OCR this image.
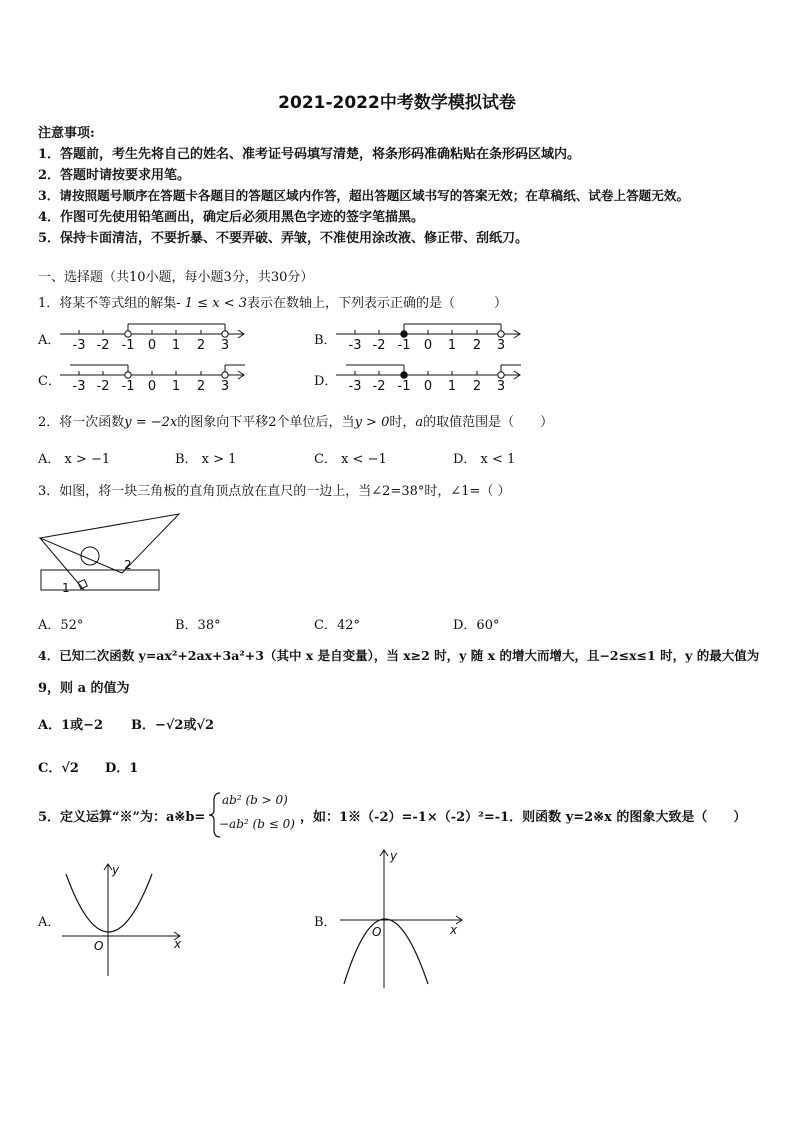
2021-2022中考数学模拟试卷
注意事项:
1．答题前，考生先将自己的姓名、准考证号码填写清楚，将条形码准确粘贴在条形码区域内。
2．答题时请按要求用笔。
3．请按照题号顺序在答题卡各题目的答题区域内作答，超出答题区域书写的答案无效；在草稿纸、试卷上答题无效。
4．作图可先使用铅笔画出，确定后必须用黑色字迹的签字笔描黑。
5．保持卡面清洁，不要折暴、不要弄破、弄皱，不准使用涂改液、修正带、刮纸刀。
一、选择题（共10小题，每小题3分，共30分）
1．将某不等式组的解集- 1 ≤ x < 3表示在数轴上，下列表示正确的是（　　　）
A．	B．
C．	D．
-3 -2 -1 0 1 2 3	-3 -2 -1 0 1 2 3
-3 -2 -1 0 1 2 3	-3 -2 -1 0 1 2 3
2．将一次函数y = −2x的图象向下平移2个单位后，当y > 0时，a的取值范围是（　　）
A． x > −1	B． x > 1	C． x < −1	D． x < 1
3．如图，将一块三角板的直角顶点放在直尺的一边上，当∠2=38°时，∠1=（ ）
1
2
A．52°	B．38°	C．42°	D．60°
4．已知二次函数 y=ax²+2ax+3a²+3（其中 x 是自变量），当 x≥2 时，y 随 x 的增大而增大，且−2≤x≤1 时，y 的最大值为
9，则 a 的值为
A．1或−2 B．−√2或√2
C．√2 D．1
5．定义运算“※”为：a※b=
ab² (b > 0)
−ab² (b ≤ 0) ，如：1※（-2）=-1×（-2）²=-1．则函数 y=2※x 的图象大致是（　　）
A．	B．
y
x
O
y
x
O
